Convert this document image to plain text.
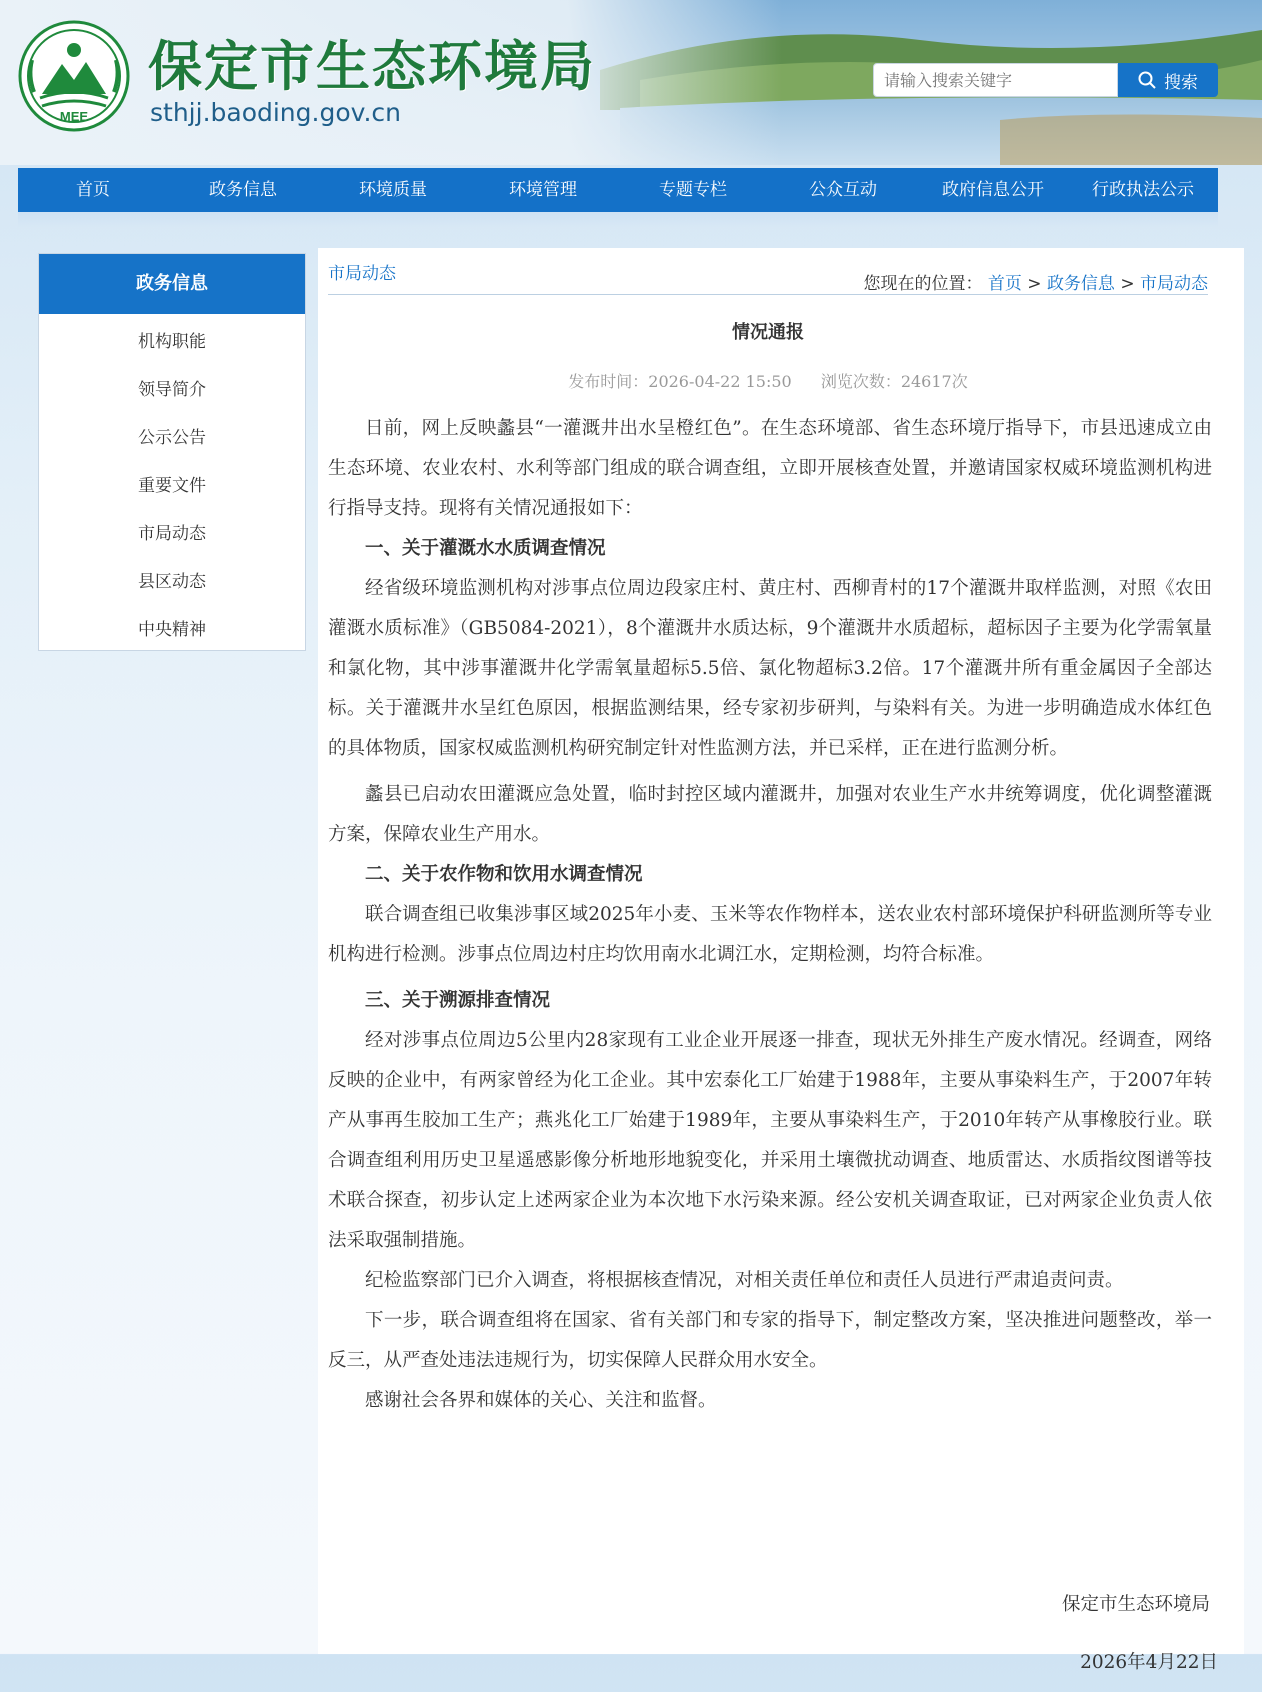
MEE
保定市生态环境局
sthjj.baoding.gov.cn
请输入搜索关键字
搜索
首页	政务信息	环境质量	环境管理	专题专栏	公众互动	政府信息公开	行政执法公示
政务信息
机构职能
领导简介
公示公告
重要文件
市局动态
县区动态
中央精神
市局动态	您现在的位置： 首页 > 政务信息 > 市局动态
情况通报
发布时间：2026-04-22 15:50 浏览次数：24617次

日前，网上反映蠡县“一灌溉井出水呈橙红色”。在生态环境部、省生态环境厅指导下，市县迅速成立由生态环境、农业农村、水利等部门组成的联合调查组，立即开展核查处置，并邀请国家权威环境监测机构进行指导支持。现将有关情况通报如下：

一、关于灌溉水水质调查情况

经省级环境监测机构对涉事点位周边段家庄村、黄庄村、西柳青村的17个灌溉井取样监测，对照《农田灌溉水质标准》（GB5084-2021），8个灌溉井水质达标，9个灌溉井水质超标，超标因子主要为化学需氧量和氯化物，其中涉事灌溉井化学需氧量超标5.5倍、氯化物超标3.2倍。17个灌溉井所有重金属因子全部达标。关于灌溉井水呈红色原因，根据监测结果，经专家初步研判，与染料有关。为进一步明确造成水体红色的具体物质，国家权威监测机构研究制定针对性监测方法，并已采样，正在进行监测分析。

蠡县已启动农田灌溉应急处置，临时封控区域内灌溉井，加强对农业生产水井统筹调度，优化调整灌溉方案，保障农业生产用水。

二、关于农作物和饮用水调查情况

联合调查组已收集涉事区域2025年小麦、玉米等农作物样本，送农业农村部环境保护科研监测所等专业机构进行检测。涉事点位周边村庄均饮用南水北调江水，定期检测，均符合标准。

三、关于溯源排查情况

经对涉事点位周边5公里内28家现有工业企业开展逐一排查，现状无外排生产废水情况。经调查，网络反映的企业中，有两家曾经为化工企业。其中宏泰化工厂始建于1988年，主要从事染料生产，于2007年转产从事再生胶加工生产；燕兆化工厂始建于1989年，主要从事染料生产，于2010年转产从事橡胶行业。联合调查组利用历史卫星遥感影像分析地形地貌变化，并采用土壤微扰动调查、地质雷达、水质指纹图谱等技术联合探查，初步认定上述两家企业为本次地下水污染来源。经公安机关调查取证，已对两家企业负责人依法采取强制措施。

纪检监察部门已介入调查，将根据核查情况，对相关责任单位和责任人员进行严肃追责问责。

下一步，联合调查组将在国家、省有关部门和专家的指导下，制定整改方案，坚决推进问题整改，举一反三，从严查处违法违规行为，切实保障人民群众用水安全。

感谢社会各界和媒体的关心、关注和监督。

保定市生态环境局
2026年4月22日
